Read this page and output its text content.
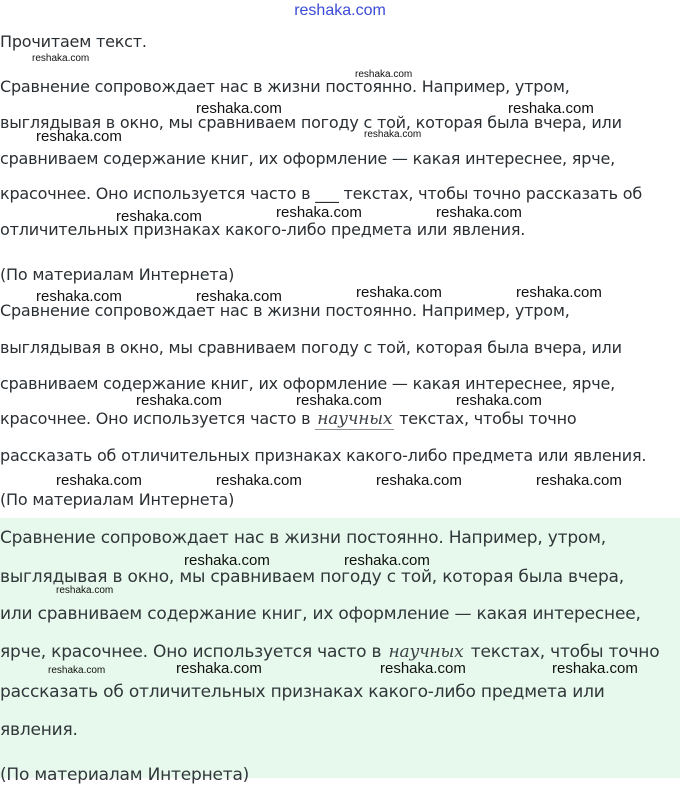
reshaka.com
Прочитаем текст.
Сравнение сопровождает нас в жизни постоянно. Например, утром,
выглядывая в окно, мы сравниваем погоду с той, которая была вчера, или
сравниваем содержание книг, их оформление — какая интереснее, ярче,
красочнее. Оно используется часто в ___ текстах, чтобы точно рассказать об
отличительных признаках какого-либо предмета или явления.
(По материалам Интернета)
Сравнение сопровождает нас в жизни постоянно. Например, утром,
выглядывая в окно, мы сравниваем погоду с той, которая была вчера, или
сравниваем содержание книг, их оформление — какая интереснее, ярче,
красочнее. Оно используется часто в научных текстах, чтобы точно
рассказать об отличительных признаках какого-либо предмета или явления.
(По материалам Интернета)
Сравнение сопровождает нас в жизни постоянно. Например, утром,
выглядывая в окно, мы сравниваем погоду с той, которая была вчера,
или сравниваем содержание книг, их оформление — какая интереснее,
ярче, красочнее. Оно используется часто в научных текстах, чтобы точно
рассказать об отличительных признаках какого-либо предмета или
явления.
(По материалам Интернета)
reshaka.com
reshaka.com
reshaka.com	reshaka.com
reshaka.com	reshaka.com
reshaka.com	reshaka.com	reshaka.com
reshaka.com	reshaka.com	reshaka.com	reshaka.com
reshaka.com	reshaka.com	reshaka.com
reshaka.com	reshaka.com	reshaka.com	reshaka.com
reshaka.com	reshaka.com
reshaka.com
reshaka.com	reshaka.com	reshaka.com	reshaka.com
